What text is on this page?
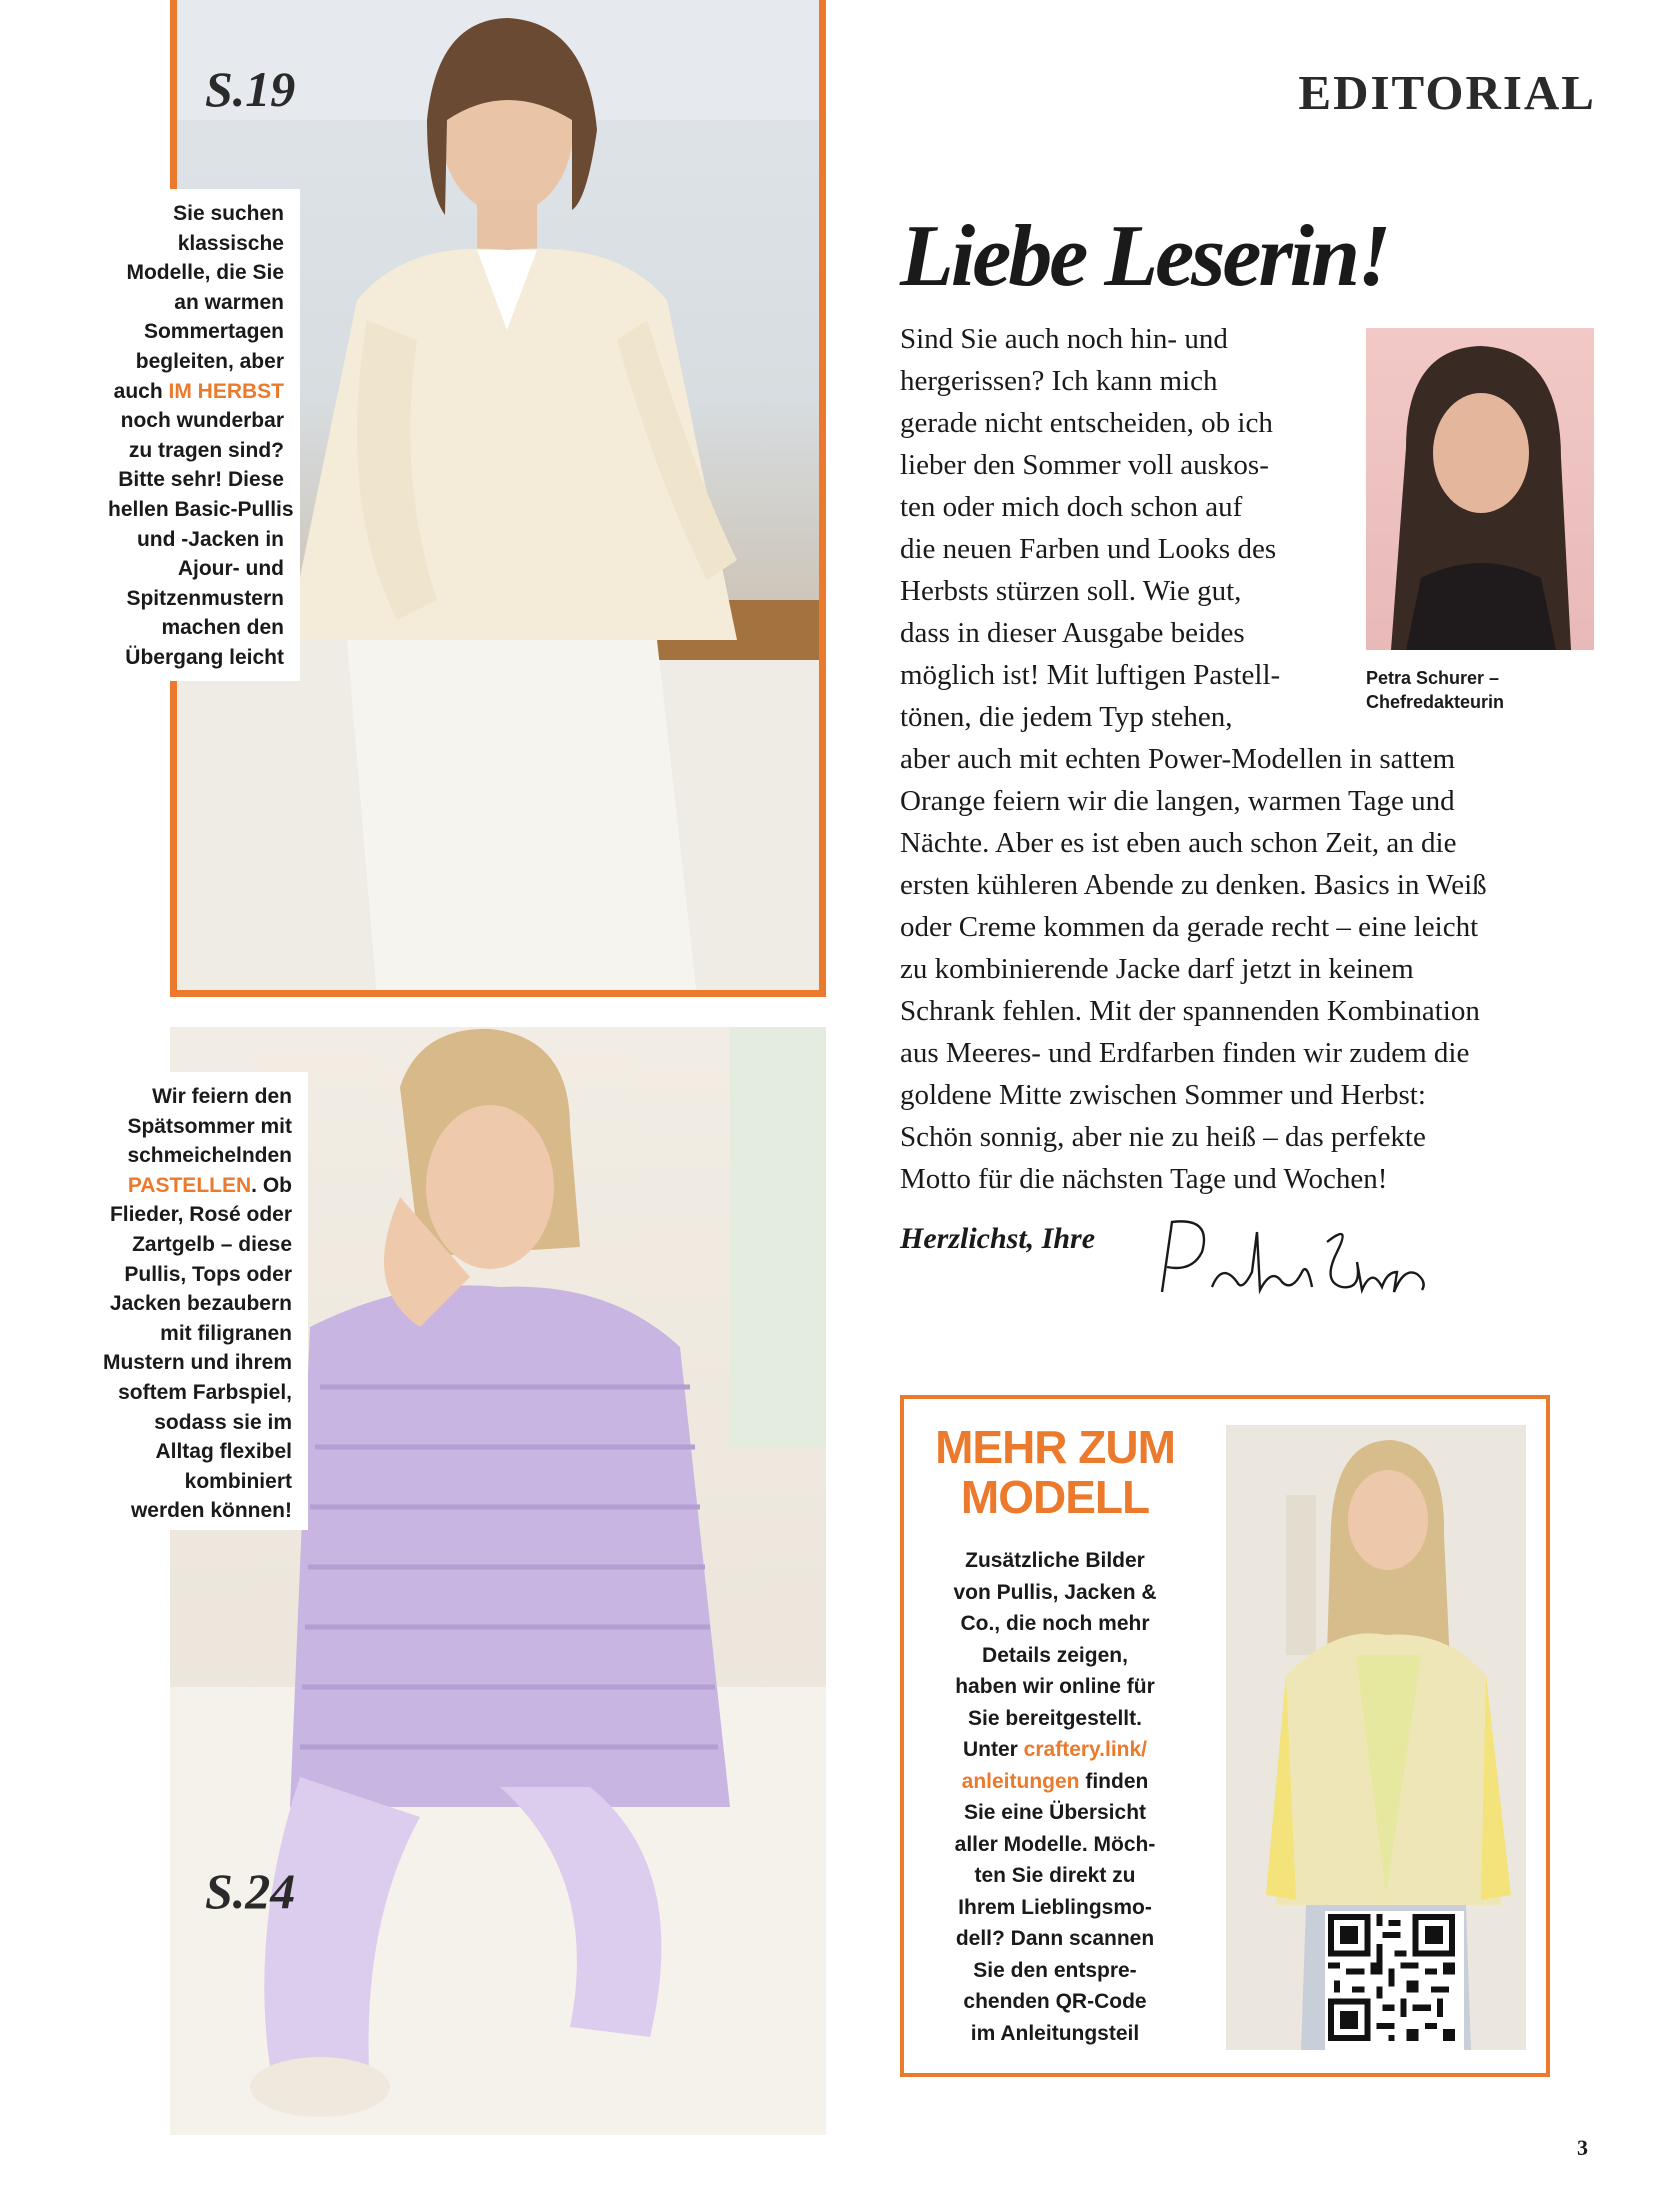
S.19
Sie suchen
klassische
Modelle, die Sie
an warmen
Sommertagen
begleiten, aber
auch IM HERBST
noch wunderbar
zu tragen sind?
Bitte sehr! Diese
hellen Basic-Pullis
und -Jacken in
Ajour- und
Spitzenmustern
machen den
Übergang leicht
S.24
Wir feiern den
Spätsommer mit
schmeichelnden
PASTELLEN. Ob
Flieder, Rosé oder
Zartgelb – diese
Pullis, Tops oder
Jacken bezaubern
mit filigranen
Mustern und ihrem
softem Farbspiel,
sodass sie im
Alltag flexibel
kombiniert
werden können!
EDITORIAL
Liebe Leserin!
Sind Sie auch noch hin- und
hergerissen? Ich kann mich
gerade nicht entscheiden, ob ich
lieber den Sommer voll auskos-
ten oder mich doch schon auf
die neuen Farben und Looks des
Herbsts stürzen soll. Wie gut,
dass in dieser Ausgabe beides
möglich ist! Mit luftigen Pastell-
tönen, die jedem Typ stehen,
aber auch mit echten Power-Modellen in sattem
Orange feiern wir die langen, warmen Tage und
Nächte. Aber es ist eben auch schon Zeit, an die
ersten kühleren Abende zu denken. Basics in Weiß
oder Creme kommen da gerade recht – eine leicht
zu kombinierende Jacke darf jetzt in keinem
Schrank fehlen. Mit der spannenden Kombination
aus Meeres- und Erdfarben finden wir zudem die
goldene Mitte zwischen Sommer und Herbst:
Schön sonnig, aber nie zu heiß – das perfekte
Motto für die nächsten Tage und Wochen!
Petra Schurer –
Chefredakteurin
Herzlichst, Ihre
MEHR ZUM
MODELL
Zusätzliche Bilder
von Pullis, Jacken &
Co., die noch mehr
Details zeigen,
haben wir online für
Sie bereitgestellt.
Unter craftery.link/
anleitungen finden
Sie eine Übersicht
aller Modelle. Möch-
ten Sie direkt zu
Ihrem Lieblingsmo-
dell? Dann scannen
Sie den entspre-
chenden QR-Code
im Anleitungsteil
3
